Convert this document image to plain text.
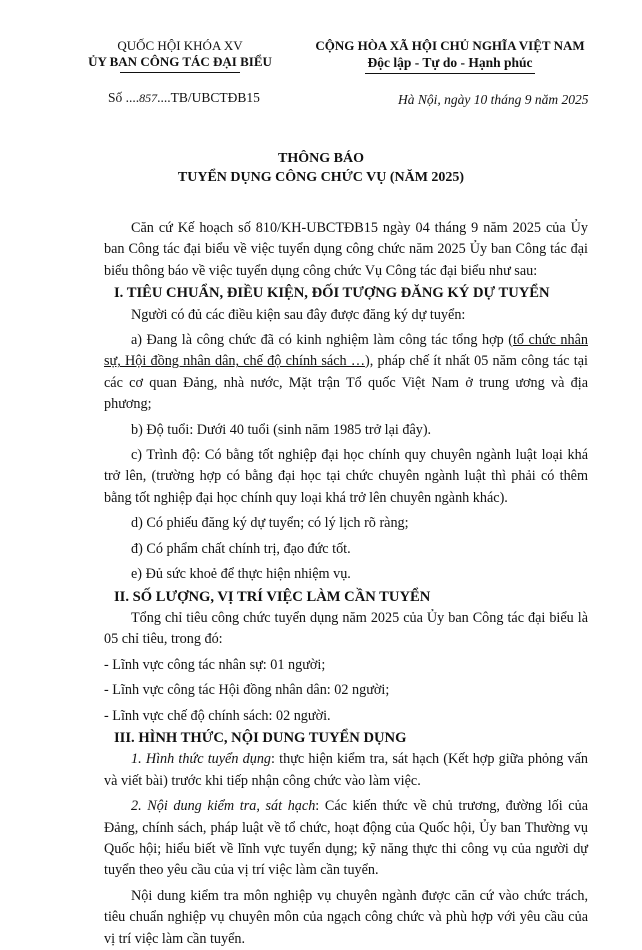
QUỐC HỘI KHÓA XV
ỦY BAN CÔNG TÁC ĐẠI BIỂU
CỘNG HÒA XÃ HỘI CHỦ NGHĨA VIỆT NAM
Độc lập - Tự do - Hạnh phúc
Số ....857....TB/UBCTĐB15	Hà Nội, ngày 10 tháng 9 năm 2025
THÔNG BÁO
TUYỂN DỤNG CÔNG CHỨC VỤ (NĂM 2025)

Căn cứ Kế hoạch số 810/KH-UBCTĐB15 ngày 04 tháng 9 năm 2025 của Ủy ban Công tác đại biểu về việc tuyển dụng công chức năm 2025 Ủy ban Công tác đại biểu thông báo về việc tuyển dụng công chức Vụ Công tác đại biểu như sau:

I. TIÊU CHUẨN, ĐIỀU KIỆN, ĐỐI TƯỢNG ĐĂNG KÝ DỰ TUYỂN

Người có đủ các điều kiện sau đây được đăng ký dự tuyển:

a) Đang là công chức đã có kinh nghiệm làm công tác tổng hợp (tổ chức nhân sự, Hội đồng nhân dân, chế độ chính sách …), pháp chế ít nhất 05 năm công tác tại các cơ quan Đảng, nhà nước, Mặt trận Tổ quốc Việt Nam ở trung ương và địa phương;

b) Độ tuổi: Dưới 40 tuổi (sinh năm 1985 trở lại đây).

c) Trình độ: Có bằng tốt nghiệp đại học chính quy chuyên ngành luật loại khá trở lên, (trường hợp có bằng đại học tại chức chuyên ngành luật thì phải có thêm bằng tốt nghiệp đại học chính quy loại khá trở lên chuyên ngành khác).

d) Có phiếu đăng ký dự tuyển; có lý lịch rõ ràng;

đ) Có phẩm chất chính trị, đạo đức tốt.

e) Đủ sức khoẻ để thực hiện nhiệm vụ.

II. SỐ LƯỢNG, VỊ TRÍ VIỆC LÀM CẦN TUYỂN

Tổng chỉ tiêu công chức tuyển dụng năm 2025 của Ủy ban Công tác đại biểu là 05 chỉ tiêu, trong đó:

- Lĩnh vực công tác nhân sự: 01 người;

- Lĩnh vực công tác Hội đồng nhân dân: 02 người;

- Lĩnh vực chế độ chính sách: 02 người.

III. HÌNH THỨC, NỘI DUNG TUYỂN DỤNG

1. Hình thức tuyển dụng: thực hiện kiểm tra, sát hạch (Kết hợp giữa phỏng vấn và viết bài) trước khi tiếp nhận công chức vào làm việc.

2. Nội dung kiểm tra, sát hạch: Các kiến thức về chủ trương, đường lối của Đảng, chính sách, pháp luật về tổ chức, hoạt động của Quốc hội, Ủy ban Thường vụ Quốc hội; hiểu biết về lĩnh vực tuyển dụng; kỹ năng thực thi công vụ của người dự tuyển theo yêu cầu của vị trí việc làm cần tuyển.

Nội dung kiểm tra môn nghiệp vụ chuyên ngành được căn cứ vào chức trách, tiêu chuẩn nghiệp vụ chuyên môn của ngạch công chức và phù hợp với yêu cầu của vị trí việc làm cần tuyển.
